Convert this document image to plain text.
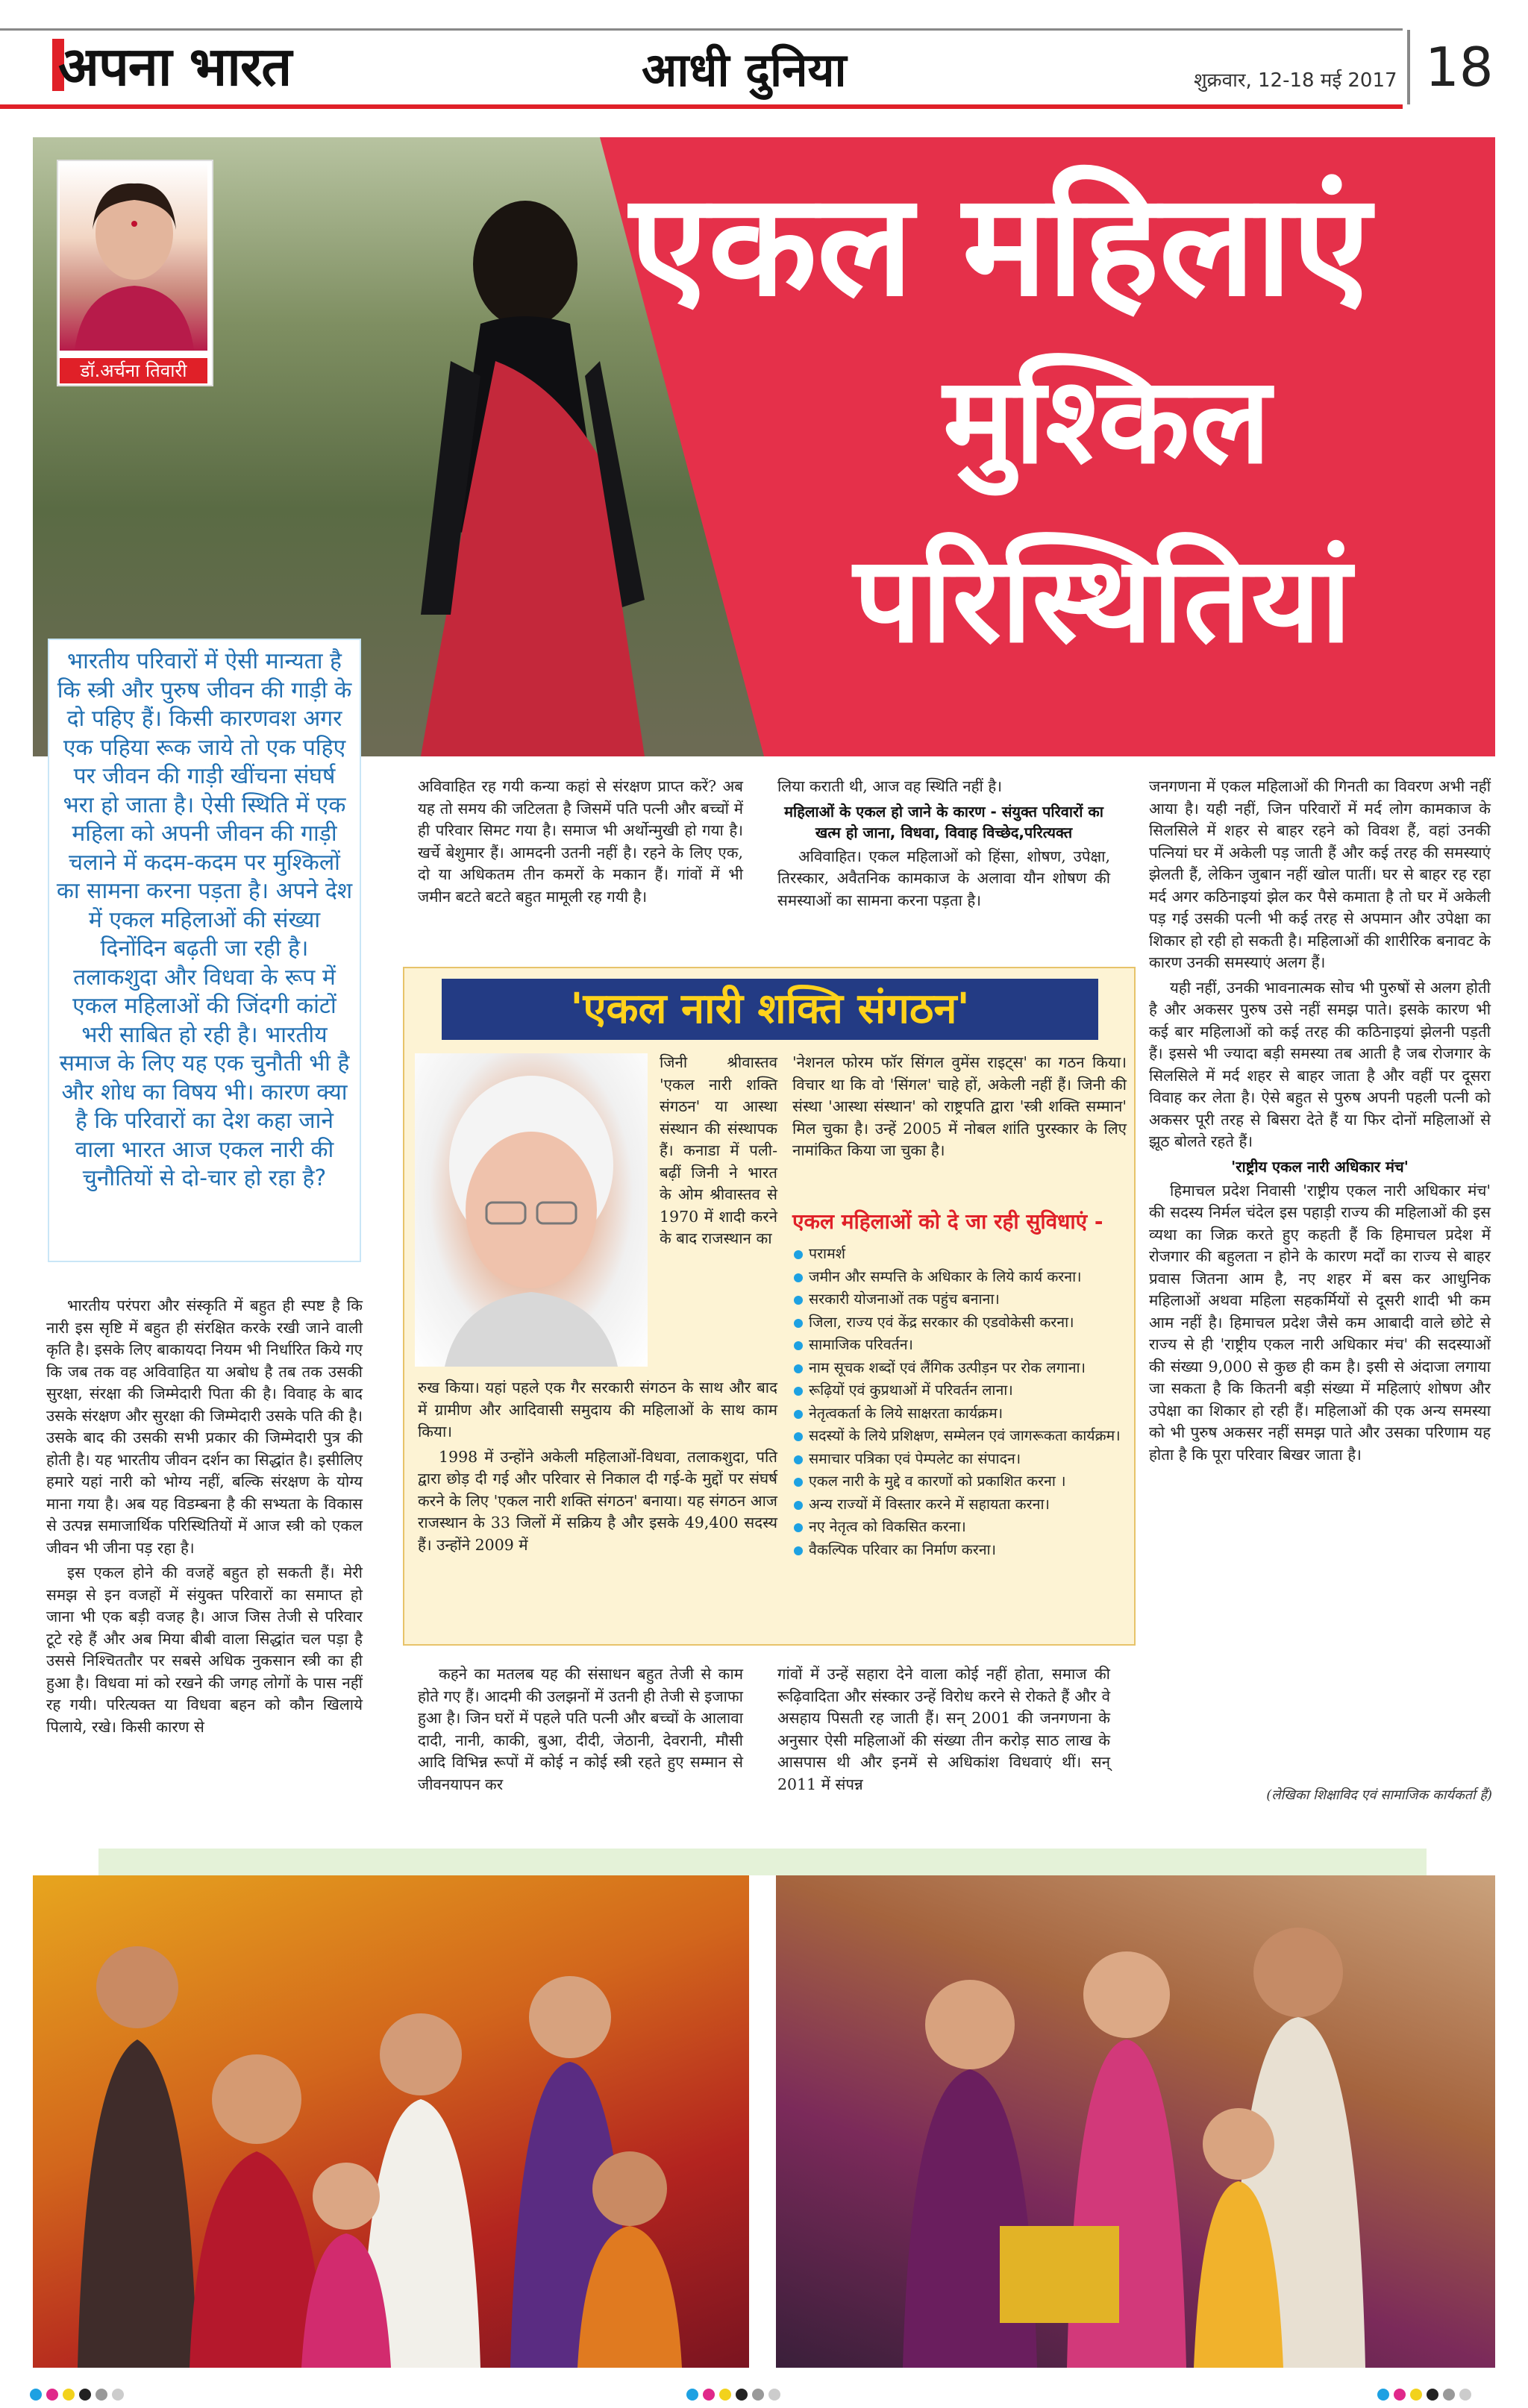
अपना भारत	आधी दुनिया	शुक्रवार, 12-18 मई 2017 18
एकल महिलाएं
मुश्किल
परिस्थितियां
डॉ.अर्चना तिवारी
भारतीय परिवारों में ऐसी मान्यता है कि स्त्री और पुरुष जीवन की गाड़ी के दो पहिए हैं। किसी कारणवश अगर एक पहिया रूक जाये तो एक पहिए पर जीवन की गाड़ी खींचना संघर्ष भरा हो जाता है। ऐसी स्थिति में एक महिला को अपनी जीवन की गाड़ी चलाने में कदम-कदम पर मुश्किलों का सामना करना पड़ता है। अपने देश में एकल महिलाओं की संख्या दिनोंदिन बढ़ती जा रही है। तलाकशुदा और विधवा के रूप में एकल महिलाओं की जिंदगी कांटों भरी साबित हो रही है। भारतीय समाज के लिए यह एक चुनौती भी है और शोध का विषय भी। कारण क्या है कि परिवारों का देश कहा जाने वाला भारत आज एकल नारी की चुनौतियों से दो-चार हो रहा है?

भारतीय परंपरा और संस्कृति में बहुत ही स्पष्ट है कि नारी इस सृष्टि में बहुत ही संरक्षित करके रखी जाने वाली कृति है। इसके लिए बाकायदा नियम भी निर्धारित किये गए कि जब तक वह अविवाहित या अबोध है तब तक उसकी सुरक्षा, संरक्षा की जिम्मेदारी पिता की है। विवाह के बाद उसके संरक्षण और सुरक्षा की जिम्मेदारी उसके पति की है। उसके बाद की उसकी सभी प्रकार की जिम्मेदारी पुत्र की होती है। यह भारतीय जीवन दर्शन का सिद्धांत है। इसीलिए हमारे यहां नारी को भोग्य नहीं, बल्कि संरक्षण के योग्य माना गया है। अब यह विडम्बना है की सभ्यता के विकास से उत्पन्न समाजार्थिक परिस्थितियों में आज स्त्री को एकल जीवन भी जीना पड़ रहा है।

इस एकल होने की वजहें बहुत हो सकती हैं। मेरी समझ से इन वजहों में संयुक्त परिवारों का समाप्त हो जाना भी एक बड़ी वजह है। आज जिस तेजी से परिवार टूटे रहे हैं और अब मिया बीबी वाला सिद्धांत चल पड़ा है उससे निश्चिततौर पर सबसे अधिक नुकसान स्त्री का ही हुआ है। विधवा मां को रखने की जगह लोगों के पास नहीं रह गयी। परित्यक्त या विधवा बहन को कौन खिलाये पिलाये, रखे। किसी कारण से

अविवाहित रह गयी कन्या कहां से संरक्षण प्राप्त करें? अब यह तो समय की जटिलता है जिसमें पति पत्नी और बच्चों में ही परिवार सिमट गया है। समाज भी अर्थोन्मुखी हो गया है। खर्चे बेशुमार हैं। आमदनी उतनी नहीं है। रहने के लिए एक, दो या अधिकतम तीन कमरों के मकान हैं। गांवों में भी जमीन बटते बटते बहुत मामूली रह गयी है।

लिया कराती थी, आज वह स्थिति नहीं है।

महिलाओं के एकल हो जाने के कारण - संयुक्त परिवारों का खत्म हो जाना, विधवा, विवाह विच्छेद,परित्यक्त

अविवाहित। एकल महिलाओं को हिंसा, शोषण, उपेक्षा, तिरस्कार, अवैतनिक कामकाज के अलावा यौन शोषण की समस्याओं का सामना करना पड़ता है।

जनगणना में एकल महिलाओं की गिनती का विवरण अभी नहीं आया है। यही नहीं, जिन परिवारों में मर्द लोग कामकाज के सिलसिले में शहर से बाहर रहने को विवश हैं, वहां उनकी पत्नियां घर में अकेली पड़ जाती हैं और कई तरह की समस्याएं झेलती हैं, लेकिन जुबान नहीं खोल पातीं। घर से बाहर रह रहा मर्द अगर कठिनाइयां झेल कर पैसे कमाता है तो घर में अकेली पड़ गई उसकी पत्नी भी कई तरह से अपमान और उपेक्षा का शिकार हो रही हो सकती है। महिलाओं की शारीरिक बनावट के कारण उनकी समस्याएं अलग हैं।

यही नहीं, उनकी भावनात्मक सोच भी पुरुषों से अलग होती है और अकसर पुरुष उसे नहीं समझ पाते। इसके कारण भी कई बार महिलाओं को कई तरह की कठिनाइयां झेलनी पड़ती हैं। इससे भी ज्यादा बड़ी समस्या तब आती है जब रोजगार के सिलसिले में मर्द शहर से बाहर जाता है और वहीं पर दूसरा विवाह कर लेता है। ऐसे बहुत से पुरुष अपनी पहली पत्नी को अकसर पूरी तरह से बिसरा देते हैं या फिर दोनों महिलाओं से झूठ बोलते रहते हैं।

'राष्ट्रीय एकल नारी अधिकार मंच'

हिमाचल प्रदेश निवासी 'राष्ट्रीय एकल नारी अधिकार मंच' की सदस्य निर्मल चंदेल इस पहाड़ी राज्य की महिलाओं की इस व्यथा का जिक्र करते हुए कहती हैं कि हिमाचल प्रदेश में रोजगार की बहुलता न होने के कारण मर्दों का राज्य से बाहर प्रवास जितना आम है, नए शहर में बस कर आधुनिक महिलाओं अथवा महिला सहकर्मियों से दूसरी शादी भी कम आम नहीं है। हिमाचल प्रदेश जैसे कम आबादी वाले छोटे से राज्य से ही 'राष्ट्रीय एकल नारी अधिकार मंच' की सदस्याओं की संख्या 9,000 से कुछ ही कम है। इसी से अंदाजा लगाया जा सकता है कि कितनी बड़ी संख्या में महिलाएं शोषण और उपेक्षा का शिकार हो रही हैं। महिलाओं की एक अन्य समस्या को भी पुरुष अकसर नहीं समझ पाते और उसका परिणाम यह होता है कि पूरा परिवार बिखर जाता है।

(लेखिका शिक्षाविद एवं सामाजिक कार्यकर्ता हैं)
'एकल नारी शक्ति संगठन'
जिनी श्रीवास्तव 'एकल नारी शक्ति संगठन' या आस्था संस्थान की संस्थापक हैं। कनाडा में पली-बढ़ीं जिनी ने भारत के ओम श्रीवास्तव से 1970 में शादी करने के बाद राजस्थान का

रुख किया। यहां पहले एक गैर सरकारी संगठन के साथ और बाद में ग्रामीण और आदिवासी समुदाय की महिलाओं के साथ काम किया।

1998 में उन्होंने अकेली महिलाओं-विधवा, तलाकशुदा, पति द्वारा छोड़ दी गई और परिवार से निकाल दी गई-के मुद्दों पर संघर्ष करने के लिए 'एकल नारी शक्ति संगठन' बनाया। यह संगठन आज राजस्थान के 33 जिलों में सक्रिय है और इसके 49,400 सदस्य हैं। उन्होंने 2009 में

'नेशनल फोरम फॉर सिंगल वुमेंस राइट्स' का गठन किया। विचार था कि वो 'सिंगल' चाहे हों, अकेली नहीं हैं। जिनी की संस्था 'आस्था संस्थान' को राष्ट्रपति द्वारा 'स्त्री शक्ति सम्मान' मिल चुका है। उन्हें 2005 में नोबल शांति पुरस्कार के लिए नामांकित किया जा चुका है।
एकल महिलाओं को दे जा रही सुविधाएं -
परामर्श
जमीन और सम्पत्ति के अधिकार के लिये कार्य करना।
सरकारी योजनाओं तक पहुंच बनाना।
जिला, राज्य एवं केंद्र सरकार की एडवोकेसी करना।
सामाजिक परिवर्तन।
नाम सूचक शब्दों एवं लैंगिक उत्पीड़न पर रोक लगाना।
रूढ़ियों एवं कुप्रथाओं में परिवर्तन लाना।
नेतृत्वकर्ता के लिये साक्षरता कार्यक्रम।
सदस्यों के लिये प्रशिक्षण, सम्मेलन एवं जागरूकता कार्यक्रम।
समाचार पत्रिका एवं पेम्पलेट का संपादन।
एकल नारी के मुद्दे व कारणों को प्रकाशित करना ।
अन्य राज्यों में विस्तार करने में सहायता करना।
नए नेतृत्व को विकसित करना।
वैकल्पिक परिवार का निर्माण करना।

कहने का मतलब यह की संसाधन बहुत तेजी से काम होते गए हैं। आदमी की उलझनों में उतनी ही तेजी से इजाफा हुआ है। जिन घरों में पहले पति पत्नी और बच्चों के आलावा दादी, नानी, काकी, बुआ, दीदी, जेठानी, देवरानी, मौसी आदि विभिन्न रूपों में कोई न कोई स्त्री रहते हुए सम्मान से जीवनयापन कर

गांवों में उन्हें सहारा देने वाला कोई नहीं होता, समाज की रूढ़िवादिता और संस्कार उन्हें विरोध करने से रोकते हैं और वे असहाय पिसती रह जाती हैं। सन् 2001 की जनगणना के अनुसार ऐसी महिलाओं की संख्या तीन करोड़ साठ लाख के आसपास थी और इनमें से अधिकांश विधवाएं थीं। सन् 2011 में संपन्न
